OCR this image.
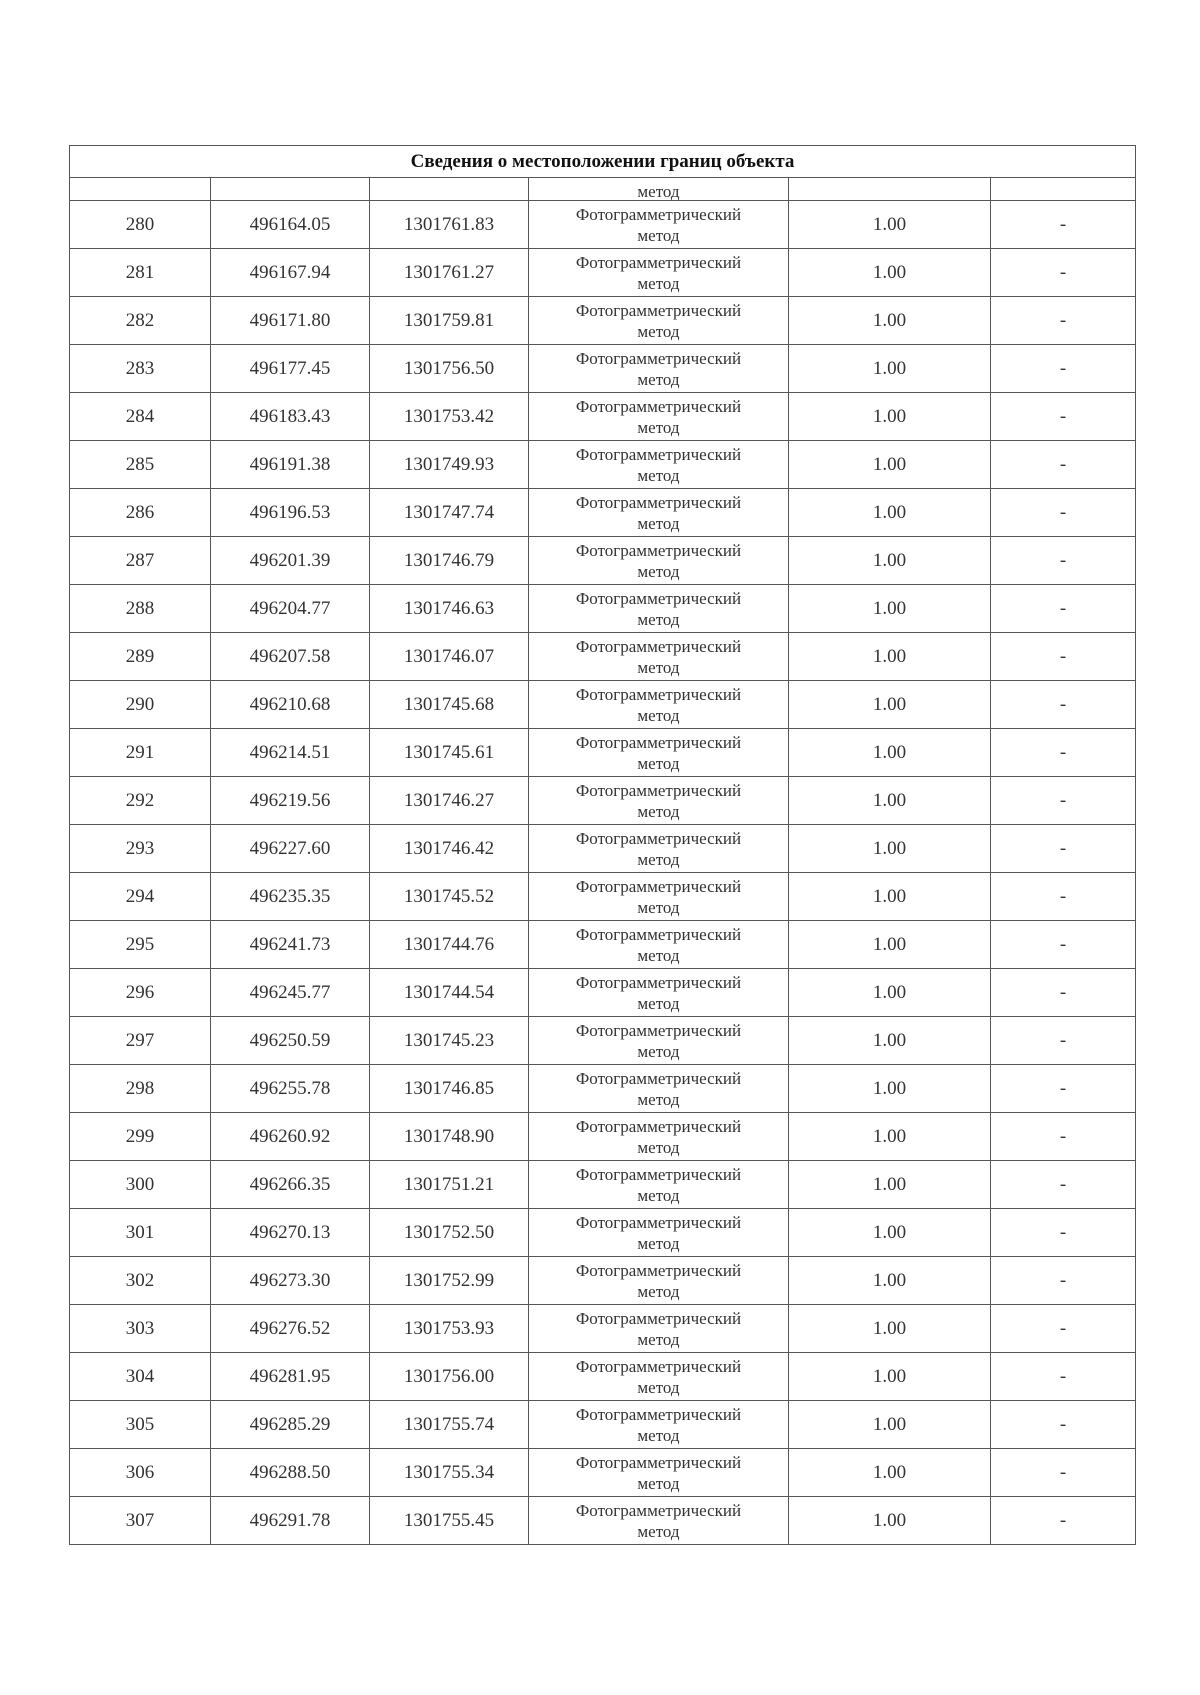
Сведения о местоположении границ объекта					
			метод		
280	496164.05	1301761.83	Фотограмметрический
метод	1.00	-
281	496167.94	1301761.27	Фотограмметрический
метод	1.00	-
282	496171.80	1301759.81	Фотограмметрический
метод	1.00	-
283	496177.45	1301756.50	Фотограмметрический
метод	1.00	-
284	496183.43	1301753.42	Фотограмметрический
метод	1.00	-
285	496191.38	1301749.93	Фотограмметрический
метод	1.00	-
286	496196.53	1301747.74	Фотограмметрический
метод	1.00	-
287	496201.39	1301746.79	Фотограмметрический
метод	1.00	-
288	496204.77	1301746.63	Фотограмметрический
метод	1.00	-
289	496207.58	1301746.07	Фотограмметрический
метод	1.00	-
290	496210.68	1301745.68	Фотограмметрический
метод	1.00	-
291	496214.51	1301745.61	Фотограмметрический
метод	1.00	-
292	496219.56	1301746.27	Фотограмметрический
метод	1.00	-
293	496227.60	1301746.42	Фотограмметрический
метод	1.00	-
294	496235.35	1301745.52	Фотограмметрический
метод	1.00	-
295	496241.73	1301744.76	Фотограмметрический
метод	1.00	-
296	496245.77	1301744.54	Фотограмметрический
метод	1.00	-
297	496250.59	1301745.23	Фотограмметрический
метод	1.00	-
298	496255.78	1301746.85	Фотограмметрический
метод	1.00	-
299	496260.92	1301748.90	Фотограмметрический
метод	1.00	-
300	496266.35	1301751.21	Фотограмметрический
метод	1.00	-
301	496270.13	1301752.50	Фотограмметрический
метод	1.00	-
302	496273.30	1301752.99	Фотограмметрический
метод	1.00	-
303	496276.52	1301753.93	Фотограмметрический
метод	1.00	-
304	496281.95	1301756.00	Фотограмметрический
метод	1.00	-
305	496285.29	1301755.74	Фотограмметрический
метод	1.00	-
306	496288.50	1301755.34	Фотограмметрический
метод	1.00	-
307	496291.78	1301755.45	Фотограмметрический
метод	1.00	-
